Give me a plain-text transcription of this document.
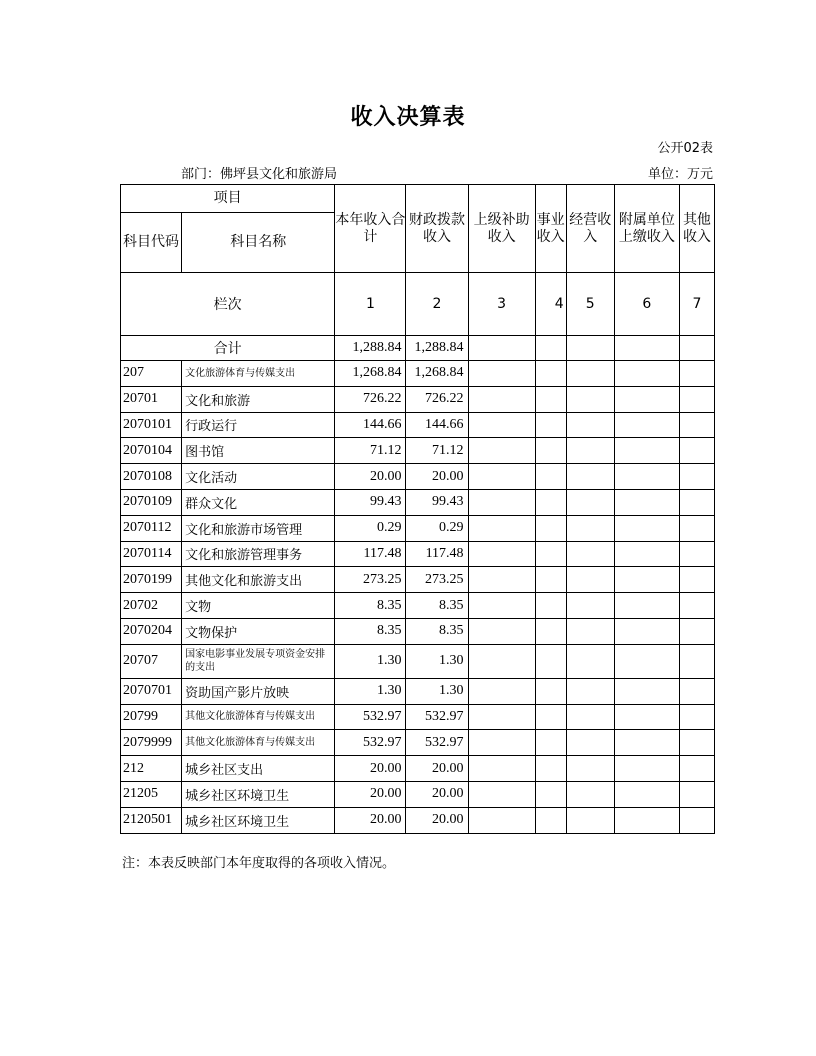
收入决算表
公开02表
部门：佛坪县文化和旅游局	单位：万元
项目		本年收入合计	财政拨款收入	上级补助收入	事业收入	经营收入	附属单位上缴收入	其他收入
科目代码	科目名称							
栏次		1	2	3	4	5	6	7
合计		1,288.84	1,288.84					
207	文化旅游体育与传媒支出	1,268.84	1,268.84					
20701	文化和旅游	726.22	726.22					
2070101	行政运行	144.66	144.66					
2070104	图书馆	71.12	71.12					
2070108	文化活动	20.00	20.00					
2070109	群众文化	99.43	99.43					
2070112	文化和旅游市场管理	0.29	0.29					
2070114	文化和旅游管理事务	117.48	117.48					
2070199	其他文化和旅游支出	273.25	273.25					
20702	文物	8.35	8.35					
2070204	文物保护	8.35	8.35					
20707	国家电影事业发展专项资金安排的支出	1.30	1.30					
2070701	资助国产影片放映	1.30	1.30					
20799	其他文化旅游体育与传媒支出	532.97	532.97					
2079999	其他文化旅游体育与传媒支出	532.97	532.97					
212	城乡社区支出	20.00	20.00					
21205	城乡社区环境卫生	20.00	20.00					
2120501	城乡社区环境卫生	20.00	20.00					
注：本表反映部门本年度取得的各项收入情况。
